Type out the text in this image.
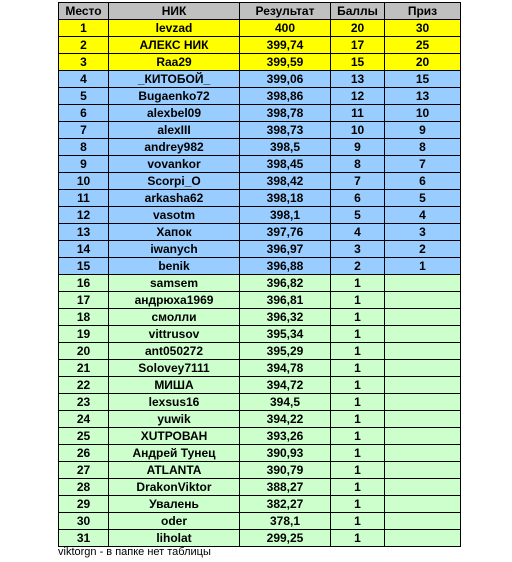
Место	НИК	Результат	Баллы	Приз
1	levzad	400	20	30
2	АЛЕКС НИК	399,74	17	25
3	Raa29	399,59	15	20
4	_КИТОБОЙ_	399,06	13	15
5	Bugaenko72	398,86	12	13
6	alexbel09	398,78	11	10
7	alexIII	398,73	10	9
8	andrey982	398,5	9	8
9	vovankor	398,45	8	7
10	Scorpi_O	398,42	7	6
11	arkasha62	398,18	6	5
12	vasotm	398,1	5	4
13	Хапок	397,76	4	3
14	iwanych	396,97	3	2
15	benik	396,88	2	1
16	samsem	396,82	1	
17	андрюха1969	396,81	1	
18	смолли	396,32	1	
19	vittrusov	395,34	1	
20	ant050272	395,29	1	
21	Solovey7111	394,78	1	
22	МИША	394,72	1	
23	lexsus16	394,5	1	
24	yuwik	394,22	1	
25	ХUТРОВАН	393,26	1	
26	Андрей Тунец	390,93	1	
27	ATLANTA	390,79	1	
28	DrakonViktor	388,27	1	
29	Увалень	382,27	1	
30	oder	378,1	1	
31	liholat	299,25	1	
viktorgn - в папке нет таблицы
